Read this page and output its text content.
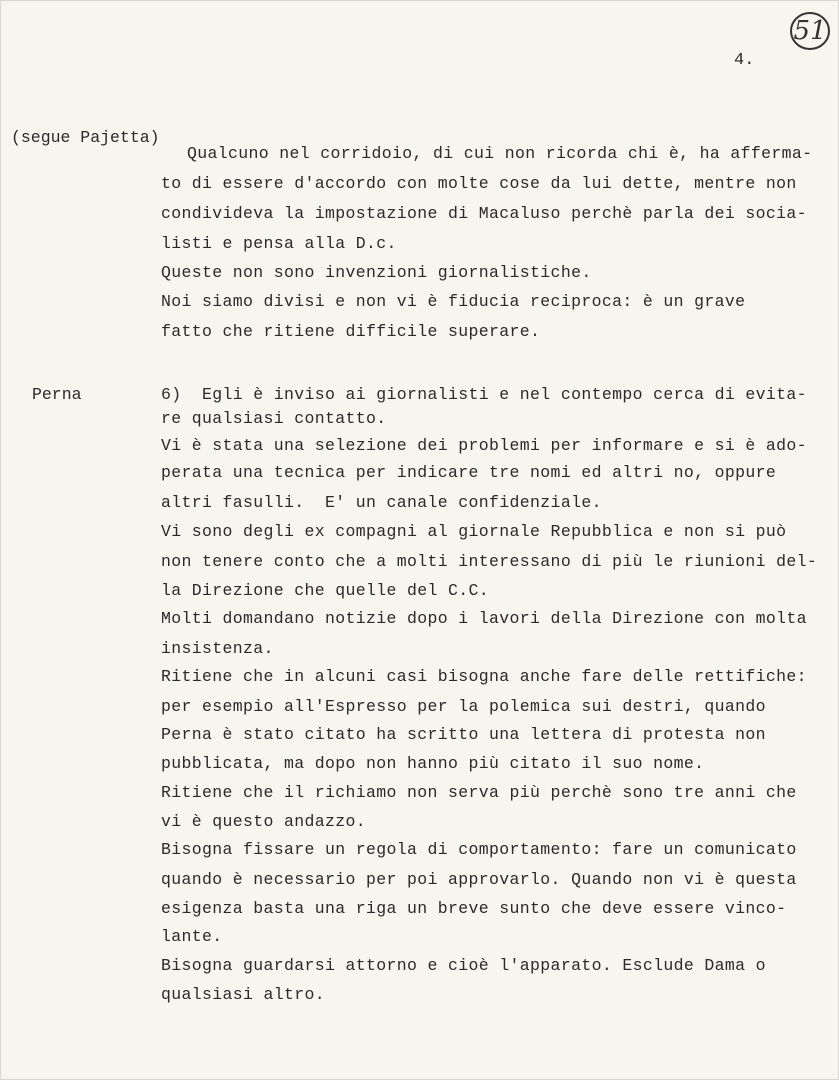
51
4.
(segue Pajetta)
Perna
Qualcuno nel corridoio, di cui non ricorda chi è, ha afferma-
to di essere d'accordo con molte cose da lui dette, mentre non
condivideva la impostazione di Macaluso perchè parla dei socia-
listi e pensa alla D.c.
Queste non sono invenzioni giornalistiche.
Noi siamo divisi e non vi è fiducia reciproca: è un grave
fatto che ritiene difficile superare.
6)  Egli è inviso ai giornalisti e nel contempo cerca di evita-
re qualsiasi contatto.
Vi è stata una selezione dei problemi per informare e si è ado-
perata una tecnica per indicare tre nomi ed altri no, oppure
altri fasulli.  E' un canale confidenziale.
Vi sono degli ex compagni al giornale Repubblica e non si può
non tenere conto che a molti interessano di più le riunioni del-
la Direzione che quelle del C.C.
Molti domandano notizie dopo i lavori della Direzione con molta
insistenza.
Ritiene che in alcuni casi bisogna anche fare delle rettifiche:
per esempio all'Espresso per la polemica sui destri, quando
Perna è stato citato ha scritto una lettera di protesta non
pubblicata, ma dopo non hanno più citato il suo nome.
Ritiene che il richiamo non serva più perchè sono tre anni che
vi è questo andazzo.
Bisogna fissare un regola di comportamento: fare un comunicato
quando è necessario per poi approvarlo. Quando non vi è questa
esigenza basta una riga un breve sunto che deve essere vinco-
lante.
Bisogna guardarsi attorno e cioè l'apparato. Esclude Dama o
qualsiasi altro.
